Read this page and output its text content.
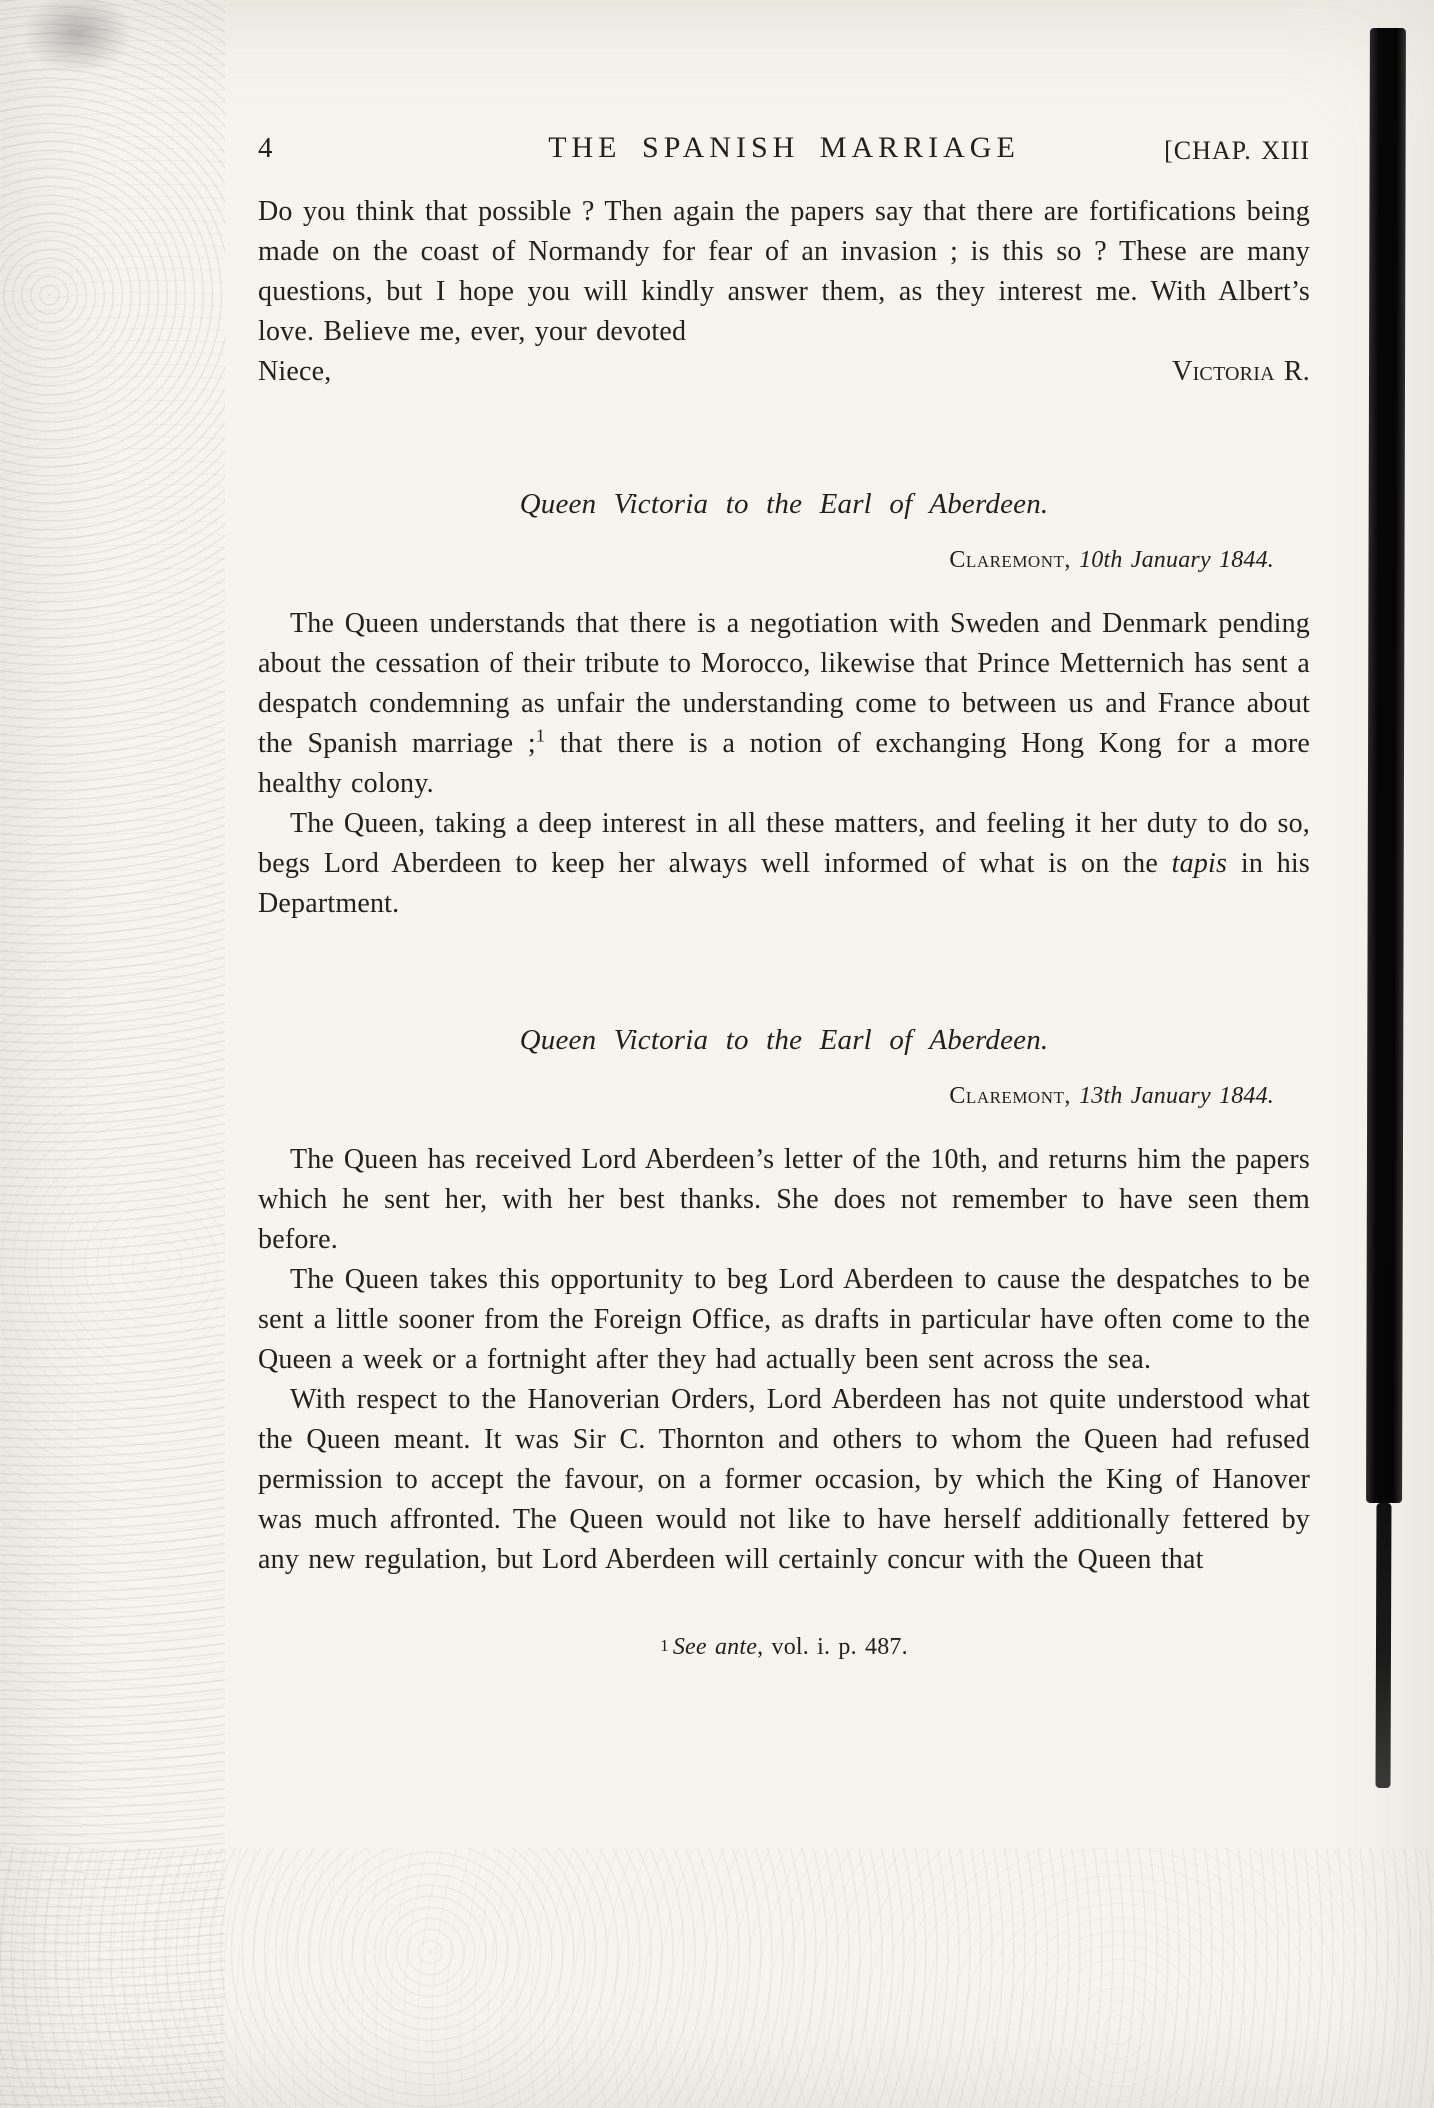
4	THE SPANISH MARRIAGE	[CHAP. XIII

Do you think that possible ? Then again the papers say that there are fortifications being made on the coast of Normandy for fear of an invasion ; is this so ? These are many questions, but I hope you will kindly answer them, as they interest me. With Albert’s love. Believe me, ever, your devoted

Niece,	Victoria R.
Queen Victoria to the Earl of Aberdeen.
Claremont, 10th January 1844.

The Queen understands that there is a negotiation with Sweden and Denmark pending about the cessation of their tribute to Morocco, likewise that Prince Metternich has sent a despatch condemning as unfair the understanding come to between us and France about the Spanish marriage ;$^1$ that there is a notion of exchanging Hong Kong for a more healthy colony.

The Queen, taking a deep interest in all these matters, and feeling it her duty to do so, begs Lord Aberdeen to keep her always well informed of what is on the tapis in his Department.

Queen Victoria to the Earl of Aberdeen.
Claremont, 13th January 1844.

The Queen has received Lord Aberdeen’s letter of the 10th, and returns him the papers which he sent her, with her best thanks. She does not remember to have seen them before.

The Queen takes this opportunity to beg Lord Aberdeen to cause the despatches to be sent a little sooner from the Foreign Office, as drafts in particular have often come to the Queen a week or a fortnight after they had actually been sent across the sea.

With respect to the Hanoverian Orders, Lord Aberdeen has not quite understood what the Queen meant. It was Sir C. Thornton and others to whom the Queen had refused permission to accept the favour, on a former occasion, by which the King of Hanover was much affronted. The Queen would not like to have herself additionally fettered by any new regulation, but Lord Aberdeen will certainly concur with the Queen that

1 See ante, vol. i. p. 487.
